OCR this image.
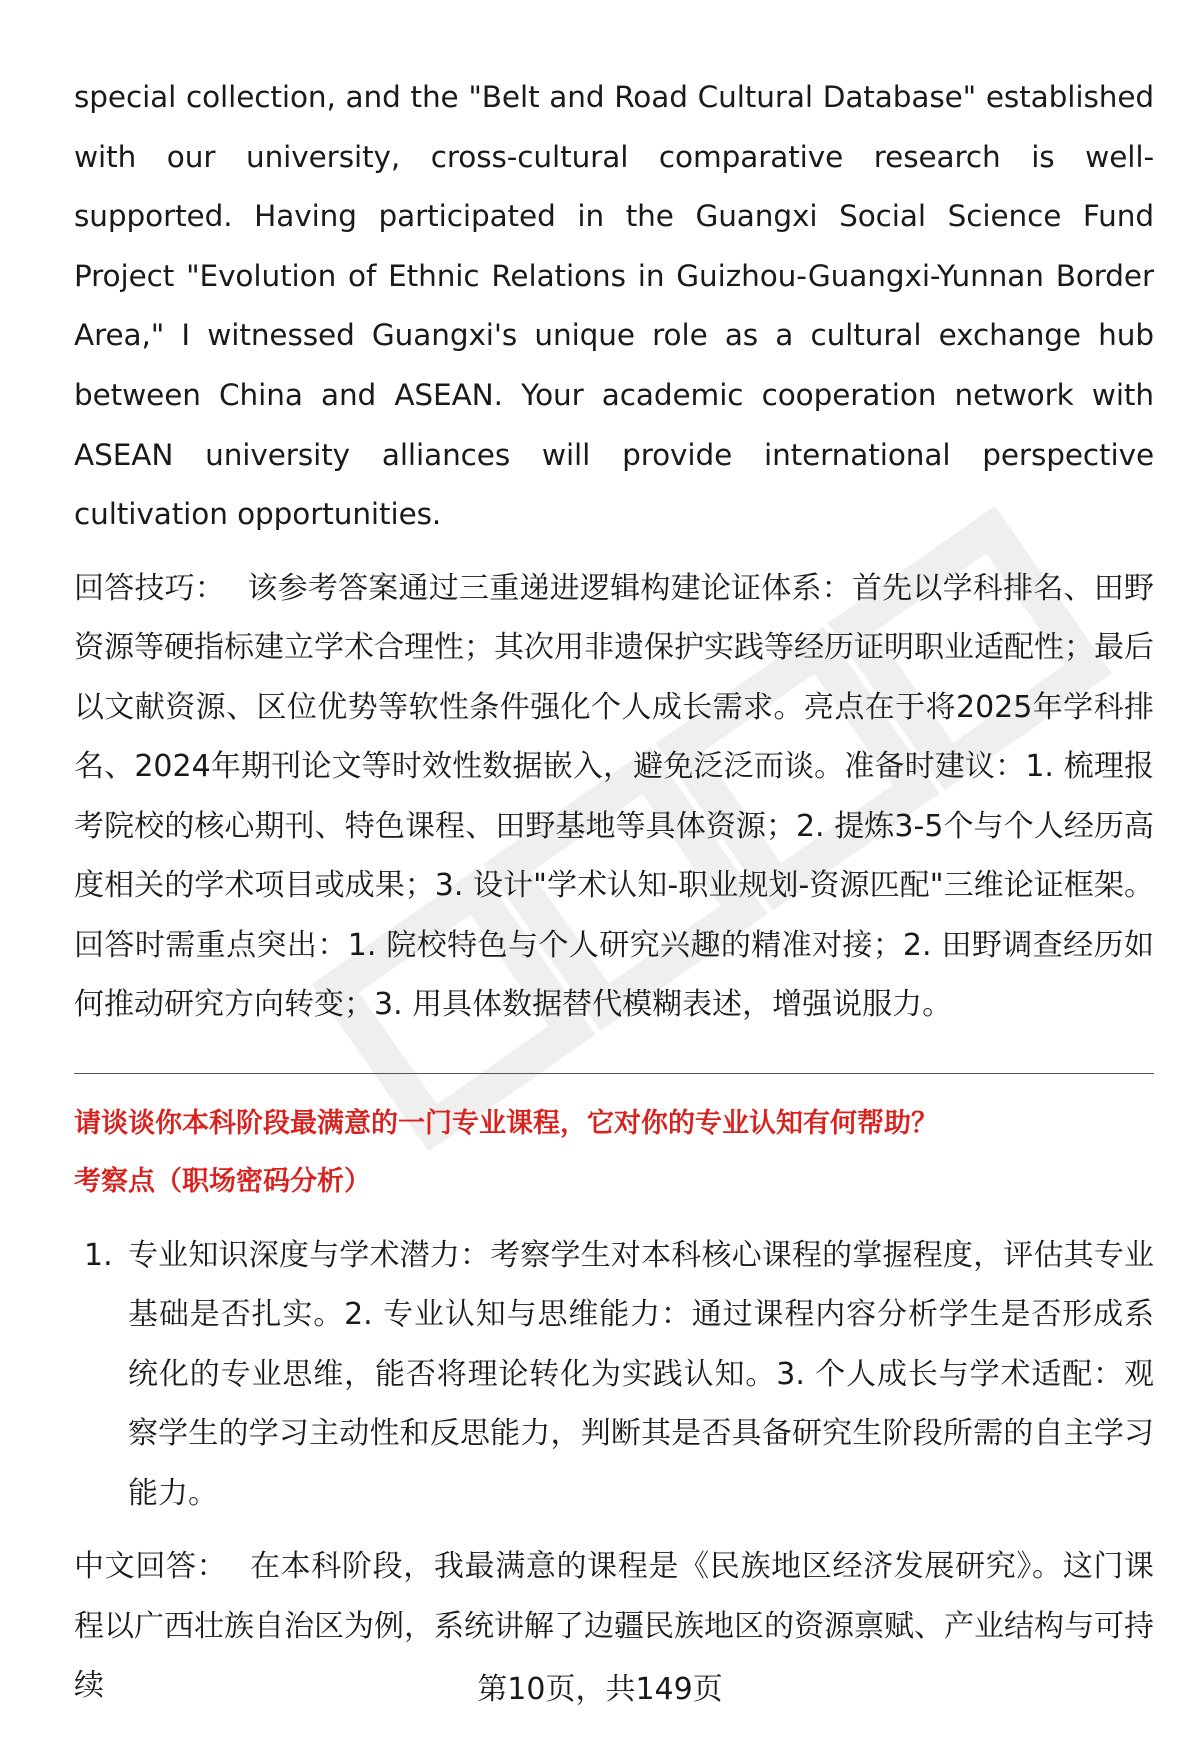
special collection, and the "Belt and Road Cultural Database" established with our university, cross-cultural comparative research is well-supported. Having participated in the Guangxi Social Science Fund Project "Evolution of Ethnic Relations in Guizhou-Guangxi-Yunnan Border Area," I witnessed Guangxi's unique role as a cultural exchange hub between China and ASEAN. Your academic cooperation network with ASEAN university alliances will provide international perspective cultivation opportunities.

回答技巧： 该参考答案通过三重递进逻辑构建论证体系：首先以学科排名、田野资源等硬指标建立学术合理性；其次用非遗保护实践等经历证明职业适配性；最后以文献资源、区位优势等软性条件强化个人成长需求。亮点在于将2025年学科排名、2024年期刊论文等时效性数据嵌入，避免泛泛而谈。准备时建议：1. 梳理报考院校的核心期刊、特色课程、田野基地等具体资源；2. 提炼3-5个与个人经历高度相关的学术项目或成果；3. 设计"学术认知-职业规划-资源匹配"三维论证框架。回答时需重点突出：1. 院校特色与个人研究兴趣的精准对接；2. 田野调查经历如何推动研究方向转变；3. 用具体数据替代模糊表述，增强说服力。

请谈谈你本科阶段最满意的一门专业课程，它对你的专业认知有何帮助？
考察点（职场密码分析）
1. 专业知识深度与学术潜力：考察学生对本科核心课程的掌握程度，评估其专业基础是否扎实。2. 专业认知与思维能力：通过课程内容分析学生是否形成系统化的专业思维，能否将理论转化为实践认知。3. 个人成长与学术适配：观察学生的学习主动性和反思能力，判断其是否具备研究生阶段所需的自主学习能力。

中文回答： 在本科阶段，我最满意的课程是《民族地区经济发展研究》。这门课程以广西壮族自治区为例，系统讲解了边疆民族地区的资源禀赋、产业结构与可持续	第10页，共149页
